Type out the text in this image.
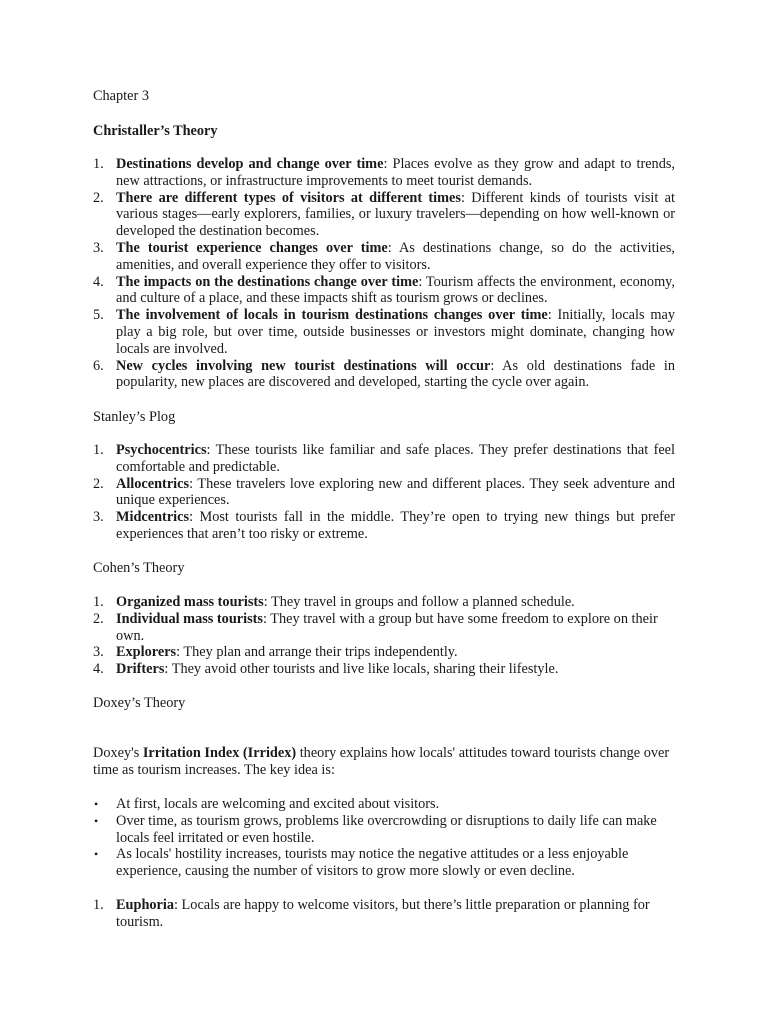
Chapter 3

Christaller’s Theory

1. Destinations develop and change over time: Places evolve as they grow and adapt to trends, new attractions, or infrastructure improvements to meet tourist demands.
2. There are different types of visitors at different times: Different kinds of tourists visit at various stages—early explorers, families, or luxury travelers—depending on how well-known or developed the destination becomes.
3. The tourist experience changes over time: As destinations change, so do the activities, amenities, and overall experience they offer to visitors.
4. The impacts on the destinations change over time: Tourism affects the environment, economy, and culture of a place, and these impacts shift as tourism grows or declines.
5. The involvement of locals in tourism destinations changes over time: Initially, locals may play a big role, but over time, outside businesses or investors might dominate, changing how locals are involved.
6. New cycles involving new tourist destinations will occur: As old destinations fade in popularity, new places are discovered and developed, starting the cycle over again.

Stanley’s Plog

1. Psychocentrics: These tourists like familiar and safe places. They prefer destinations that feel comfortable and predictable.
2. Allocentrics: These travelers love exploring new and different places. They seek adventure and unique experiences.
3. Midcentrics: Most tourists fall in the middle. They’re open to trying new things but prefer experiences that aren’t too risky or extreme.

Cohen’s Theory

1. Organized mass tourists: They travel in groups and follow a planned schedule.
2. Individual mass tourists: They travel with a group but have some freedom to explore on their own.
3. Explorers: They plan and arrange their trips independently.
4. Drifters: They avoid other tourists and live like locals, sharing their lifestyle.

Doxey’s Theory

Doxey's Irritation Index (Irridex) theory explains how locals' attitudes toward tourists change over time as tourism increases. The key idea is:

• At first, locals are welcoming and excited about visitors.
• Over time, as tourism grows, problems like overcrowding or disruptions to daily life can make locals feel irritated or even hostile.
• As locals' hostility increases, tourists may notice the negative attitudes or a less enjoyable experience, causing the number of visitors to grow more slowly or even decline.
1. Euphoria: Locals are happy to welcome visitors, but there’s little preparation or planning for tourism.
